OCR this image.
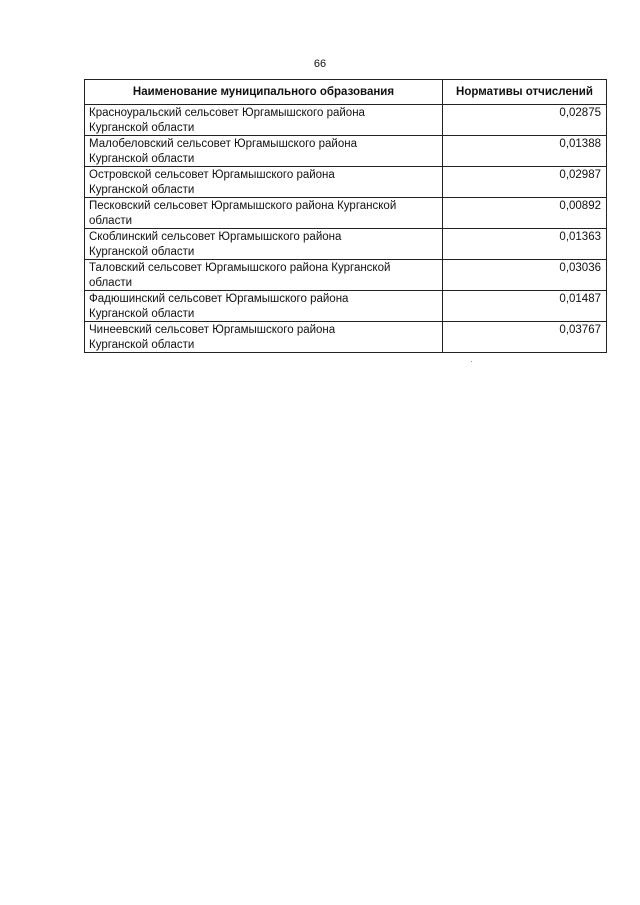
66
Наименование муниципального образования	Нормативы отчислений
Красноуральский сельсовет Юргамышского района
Курганской области	0,02875
Малобеловский сельсовет Юргамышского района
Курганской области	0,01388
Островской сельсовет Юргамышского района
Курганской области	0,02987
Песковский сельсовет Юргамышского района Курганской
области	0,00892
Скоблинский сельсовет Юргамышского района
Курганской области	0,01363
Таловский сельсовет Юргамышского района Курганской
области	0,03036
Фадюшинский сельсовет Юргамышского района
Курганской области	0,01487
Чинеевский сельсовет Юргамышского района
Курганской области	0,03767
